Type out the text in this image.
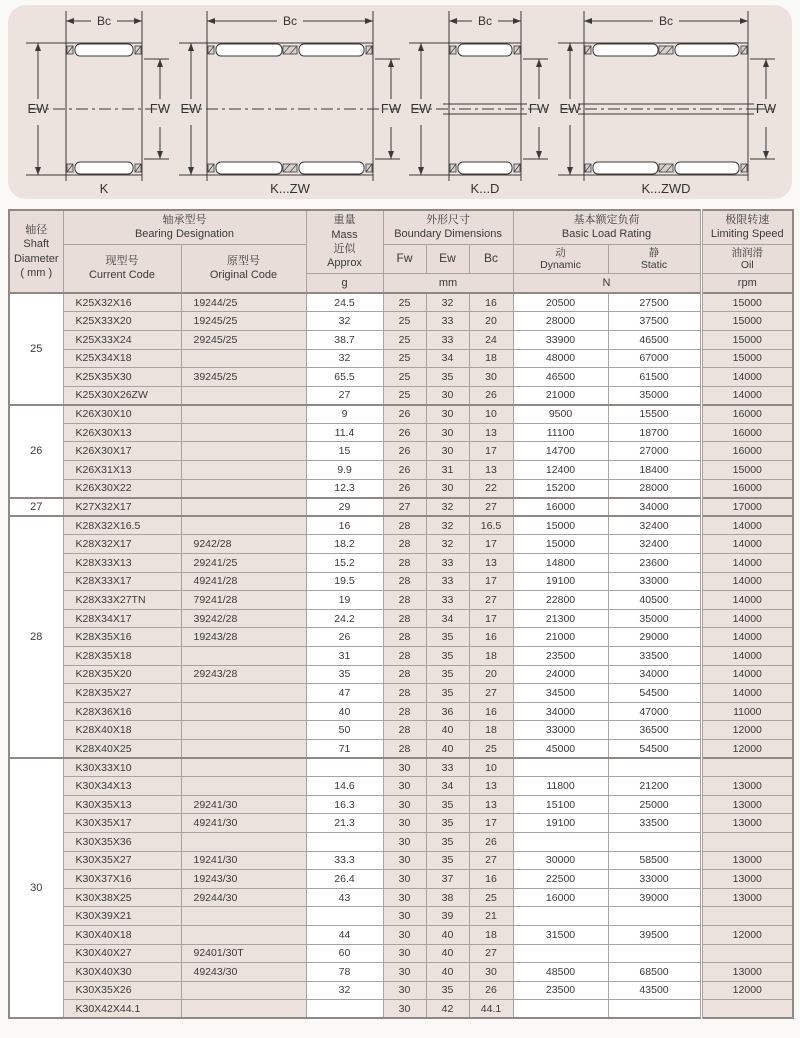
Bc
EW	FW
K
Bc
EW	FW
K...ZW
Bc
EW	FW
K...D
Bc
EW	FW
K...ZWD
轴径
Shaft
Diameter
( mm )	轴承型号
Bearing Designation		重量
Mass
近似
Approx	外形尺寸
Boundary Dimensions			基本额定负荷
Basic Load Rating		极限转速
Limiting Speed

	现型号
Current Code	原型号
Original Code		Fw	Ew	Bc	动
Dynamic	静
Static	油润滑
Oil

			g	mm			N		rpm
25	K25X32X16	19244/25	24.5	25	32	16	20500	27500	15000
	K25X33X20	19245/25	32	25	33	20	28000	37500	15000
	K25X33X24	29245/25	38.7	25	33	24	33900	46500	15000
	K25X34X18		32	25	34	18	48000	67000	15000
	K25X35X30	39245/25	65.5	25	35	30	46500	61500	14000
	K25X30X26ZW		27	25	30	26	21000	35000	14000
26	K26X30X10		9	26	30	10	9500	15500	16000
	K26X30X13		11.4	26	30	13	11100	18700	16000
	K26X30X17		15	26	30	17	14700	27000	16000
	K26X31X13		9.9	26	31	13	12400	18400	15000
	K26X30X22		12.3	26	30	22	15200	28000	16000
27	K27X32X17		29	27	32	27	16000	34000	17000
28	K28X32X16.5		16	28	32	16.5	15000	32400	14000
	K28X32X17	9242/28	18.2	28	32	17	15000	32400	14000
	K28X33X13	29241/25	15.2	28	33	13	14800	23600	14000
	K28X33X17	49241/28	19.5	28	33	17	19100	33000	14000
	K28X33X27TN	79241/28	19	28	33	27	22800	40500	14000
	K28X34X17	39242/28	24.2	28	34	17	21300	35000	14000
	K28X35X16	19243/28	26	28	35	16	21000	29000	14000
	K28X35X18		31	28	35	18	23500	33500	14000
	K28X35X20	29243/28	35	28	35	20	24000	34000	14000
	K28X35X27		47	28	35	27	34500	54500	14000
	K28X36X16		40	28	36	16	34000	47000	11000
	K28X40X18		50	28	40	18	33000	36500	12000
	K28X40X25		71	28	40	25	45000	54500	12000
30	K30X33X10			30	33	10			
	K30X34X13		14.6	30	34	13	11800	21200	13000
	K30X35X13	29241/30	16.3	30	35	13	15100	25000	13000
	K30X35X17	49241/30	21.3	30	35	17	19100	33500	13000
	K30X35X36			30	35	26			
	K30X35X27	19241/30	33.3	30	35	27	30000	58500	13000
	K30X37X16	19243/30	26.4	30	37	16	22500	33000	13000
	K30X38X25	29244/30	43	30	38	25	16000	39000	13000
	K30X39X21			30	39	21			
	K30X40X18		44	30	40	18	31500	39500	12000
	K30X40X27	92401/30T	60	30	40	27			
	K30X40X30	49243/30	78	30	40	30	48500	68500	13000
	K30X35X26		32	30	35	26	23500	43500	12000
	K30X42X44.1			30	42	44.1			
